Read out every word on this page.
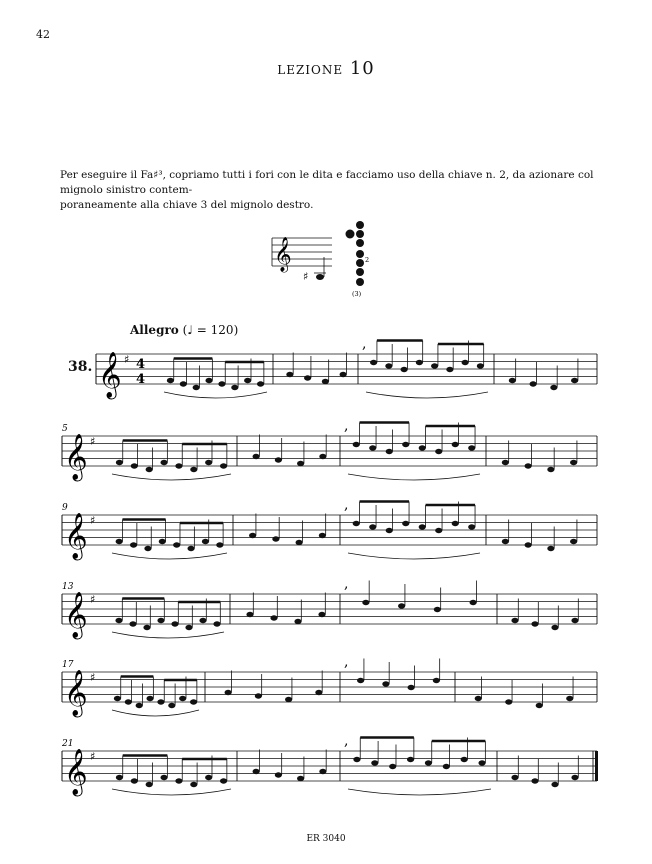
42
lezione 10
Per eseguire il Fa♯³, copriamo tutti i fori con le dita e facciamo uso della chiave n. 2, da azionare col mignolo sinistro contem-
poraneamente alla chiave 3 del mignolo destro.
𝄞
♯
2
(3)
Allegro (♩ = 120)
38. 𝄞 ♯ 4
4
,
𝄞 ♯
5	,
𝄞 ♯
9	,
𝄞 ♯
13	,
𝄞 ♯
17	,
𝄞 ♯
21	,
ER 3040
